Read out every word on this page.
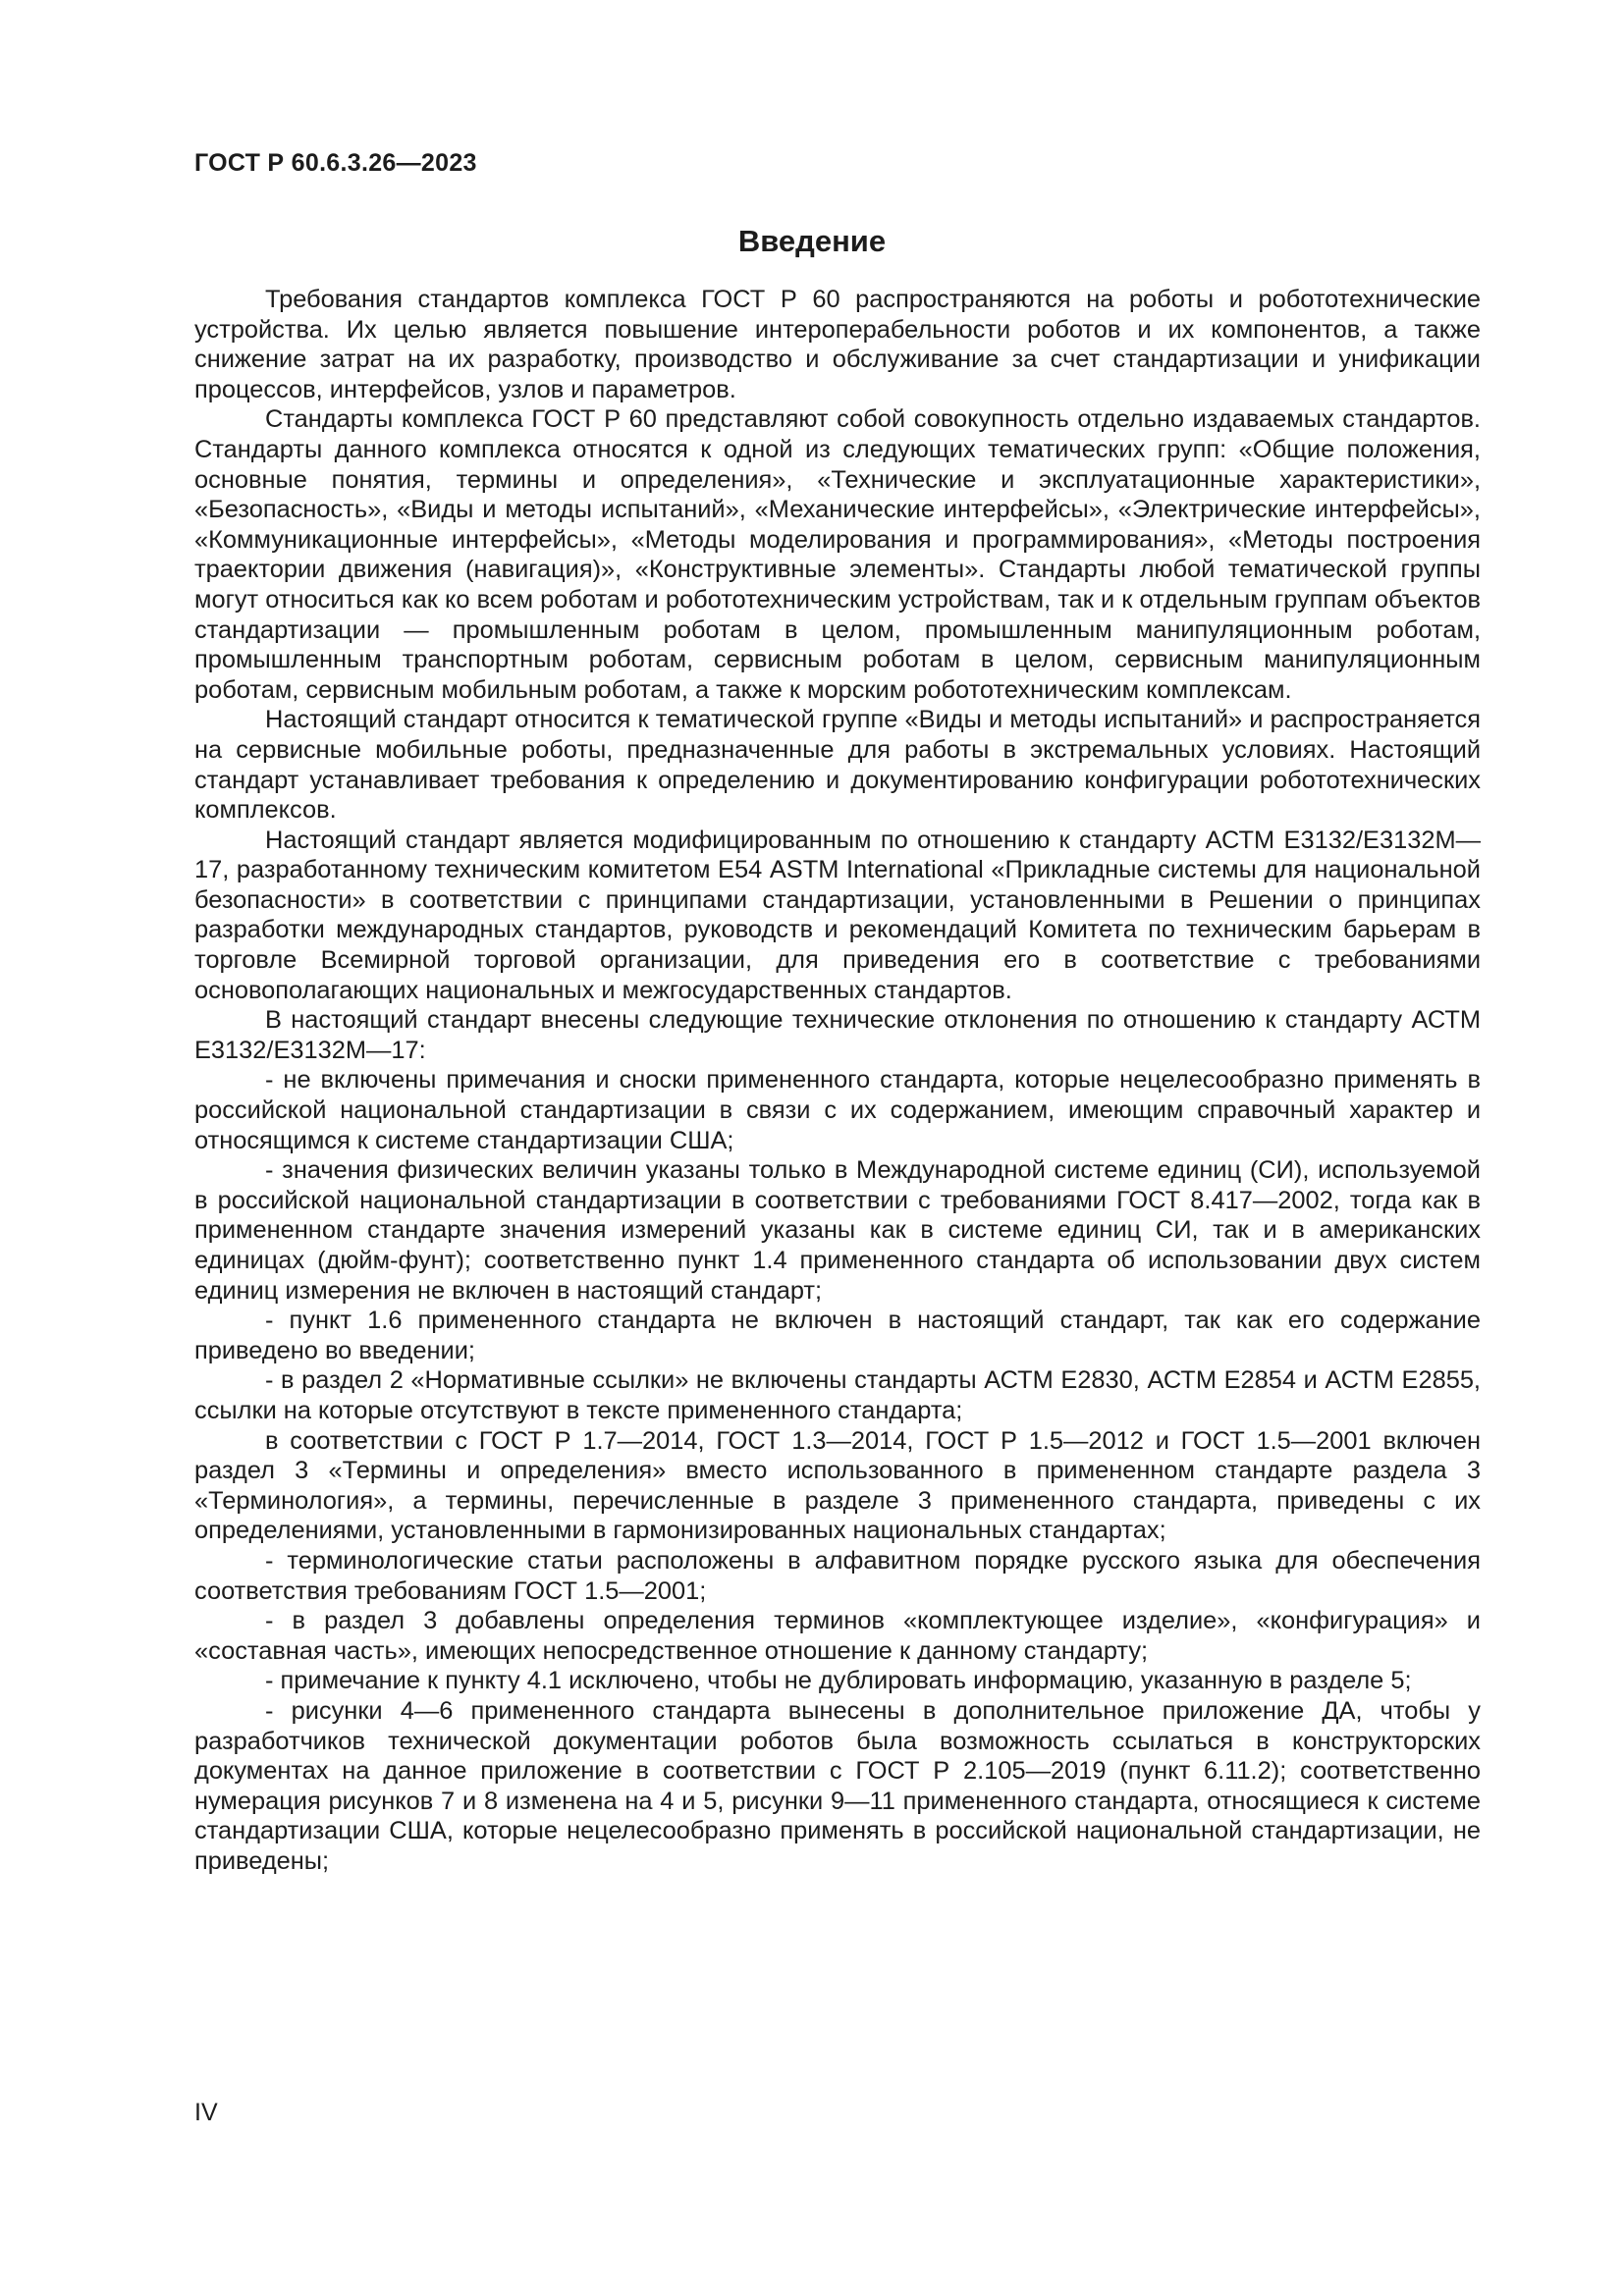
ГОСТ Р 60.6.3.26—2023

Введение

Требования стандартов комплекса ГОСТ Р 60 распространяются на роботы и робототехнические устройства. Их целью является повышение интероперабельности роботов и их компонентов, а также снижение затрат на их разработку, производство и обслуживание за счет стандартизации и унификации процессов, интерфейсов, узлов и параметров.

Стандарты комплекса ГОСТ Р 60 представляют собой совокупность отдельно издаваемых стандартов. Стандарты данного комплекса относятся к одной из следующих тематических групп: «Общие положения, основные понятия, термины и определения», «Технические и эксплуатационные характеристики», «Безопасность», «Виды и методы испытаний», «Механические интерфейсы», «Электрические интерфейсы», «Коммуникационные интерфейсы», «Методы моделирования и программирования», «Методы построения траектории движения (навигация)», «Конструктивные элементы». Стандарты любой тематической группы могут относиться как ко всем роботам и робототехническим устройствам, так и к отдельным группам объектов стандартизации — промышленным роботам в целом, промышленным манипуляционным роботам, промышленным транспортным роботам, сервисным роботам в целом, сервисным манипуляционным роботам, сервисным мобильным роботам, а также к морским робототехническим комплексам.

Настоящий стандарт относится к тематической группе «Виды и методы испытаний» и распространяется на сервисные мобильные роботы, предназначенные для работы в экстремальных условиях. Настоящий стандарт устанавливает требования к определению и документированию конфигурации робототехнических комплексов.

Настоящий стандарт является модифицированным по отношению к стандарту АСТМ Е3132/Е3132М—17, разработанному техническим комитетом Е54 ASTM International «Прикладные системы для национальной безопасности» в соответствии с принципами стандартизации, установленными в Решении о принципах разработки международных стандартов, руководств и рекомендаций Комитета по техническим барьерам в торговле Всемирной торговой организации, для приведения его в соответствие с требованиями основополагающих национальных и межгосударственных стандартов.

В настоящий стандарт внесены следующие технические отклонения по отношению к стандарту АСТМ Е3132/Е3132М—17:

- не включены примечания и сноски примененного стандарта, которые нецелесообразно применять в российской национальной стандартизации в связи с их содержанием, имеющим справочный характер и относящимся к системе стандартизации США;

- значения физических величин указаны только в Международной системе единиц (СИ), используемой в российской национальной стандартизации в соответствии с требованиями ГОСТ 8.417—2002, тогда как в примененном стандарте значения измерений указаны как в системе единиц СИ, так и в американских единицах (дюйм-фунт); соответственно пункт 1.4 примененного стандарта об использовании двух систем единиц измерения не включен в настоящий стандарт;

- пункт 1.6 примененного стандарта не включен в настоящий стандарт, так как его содержание приведено во введении;

- в раздел 2 «Нормативные ссылки» не включены стандарты АСТМ Е2830, АСТМ Е2854 и АСТМ Е2855, ссылки на которые отсутствуют в тексте примененного стандарта;

в соответствии с ГОСТ Р 1.7—2014, ГОСТ 1.3—2014, ГОСТ Р 1.5—2012 и ГОСТ 1.5—2001 включен раздел 3 «Термины и определения» вместо использованного в примененном стандарте раздела 3 «Терминология», а термины, перечисленные в разделе 3 примененного стандарта, приведены с их определениями, установленными в гармонизированных национальных стандартах;

- терминологические статьи расположены в алфавитном порядке русского языка для обеспечения соответствия требованиям ГОСТ 1.5—2001;

- в раздел 3 добавлены определения терминов «комплектующее изделие», «конфигурация» и «составная часть», имеющих непосредственное отношение к данному стандарту;

- примечание к пункту 4.1 исключено, чтобы не дублировать информацию, указанную в разделе 5;

- рисунки 4—6 примененного стандарта вынесены в дополнительное приложение ДА, чтобы у разработчиков технической документации роботов была возможность ссылаться в конструкторских документах на данное приложение в соответствии с ГОСТ Р 2.105—2019 (пункт 6.11.2); соответственно нумерация рисунков 7 и 8 изменена на 4 и 5, рисунки 9—11 примененного стандарта, относящиеся к системе стандартизации США, которые нецелесообразно применять в российской национальной стандартизации, не приведены;

IV
